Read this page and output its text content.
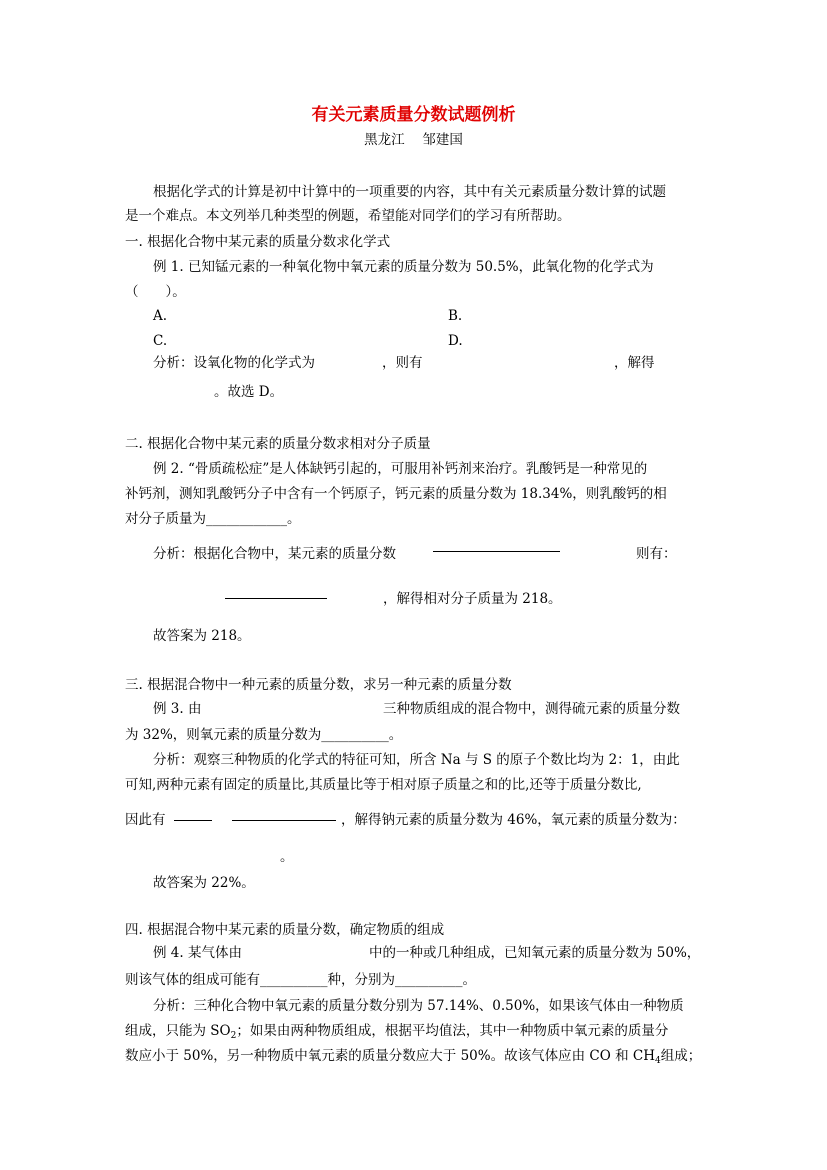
有关元素质量分数试题例析
黑龙江　 邹建国
根据化学式的计算是初中计算中的一项重要的内容，其中有关元素质量分数计算的试题
是一个难点。本文列举几种类型的例题，希望能对同学们的学习有所帮助。
一. 根据化合物中某元素的质量分数求化学式
例 1. 已知锰元素的一种氧化物中氧元素的质量分数为 50.5%，此氧化物的化学式为
（　　）。
A.	B.
C.	D.
分析：设氧化物的化学式为	，则有	，解得
。故选 D。
二. 根据化合物中某元素的质量分数求相对分子质量
例 2. “骨质疏松症”是人体缺钙引起的，可服用补钙剂来治疗。乳酸钙是一种常见的
补钙剂，测知乳酸钙分子中含有一个钙原子，钙元素的质量分数为 18.34%，则乳酸钙的相
对分子质量为____________。
分析：根据化合物中，某元素的质量分数	则有：
，解得相对分子质量为 218。
故答案为 218。
三. 根据混合物中一种元素的质量分数，求另一种元素的质量分数
例 3. 由	三种物质组成的混合物中，测得硫元素的质量分数
为 32%，则氧元素的质量分数为__________。
分析：观察三种物质的化学式的特征可知，所含 Na 与 S 的原子个数比均为 2：1，由此
可知,两种元素有固定的质量比,其质量比等于相对原子质量之和的比,还等于质量分数比,
因此有	，解得钠元素的质量分数为 46%，氧元素的质量分数为：
。
故答案为 22%。
四. 根据混合物中某元素的质量分数，确定物质的组成
例 4. 某气体由	中的一种或几种组成，已知氧元素的质量分数为 50%，
则该气体的组成可能有__________种，分别为__________。
分析：三种化合物中氧元素的质量分数分别为 57.14%、0.50%，如果该气体由一种物质
组成，只能为 $SO_2$；如果由两种物质组成，根据平均值法，其中一种物质中氧元素的质量分
数应小于 50%，另一种物质中氧元素的质量分数应大于 50%。故该气体应由 CO 和 $CH_4$组成；
